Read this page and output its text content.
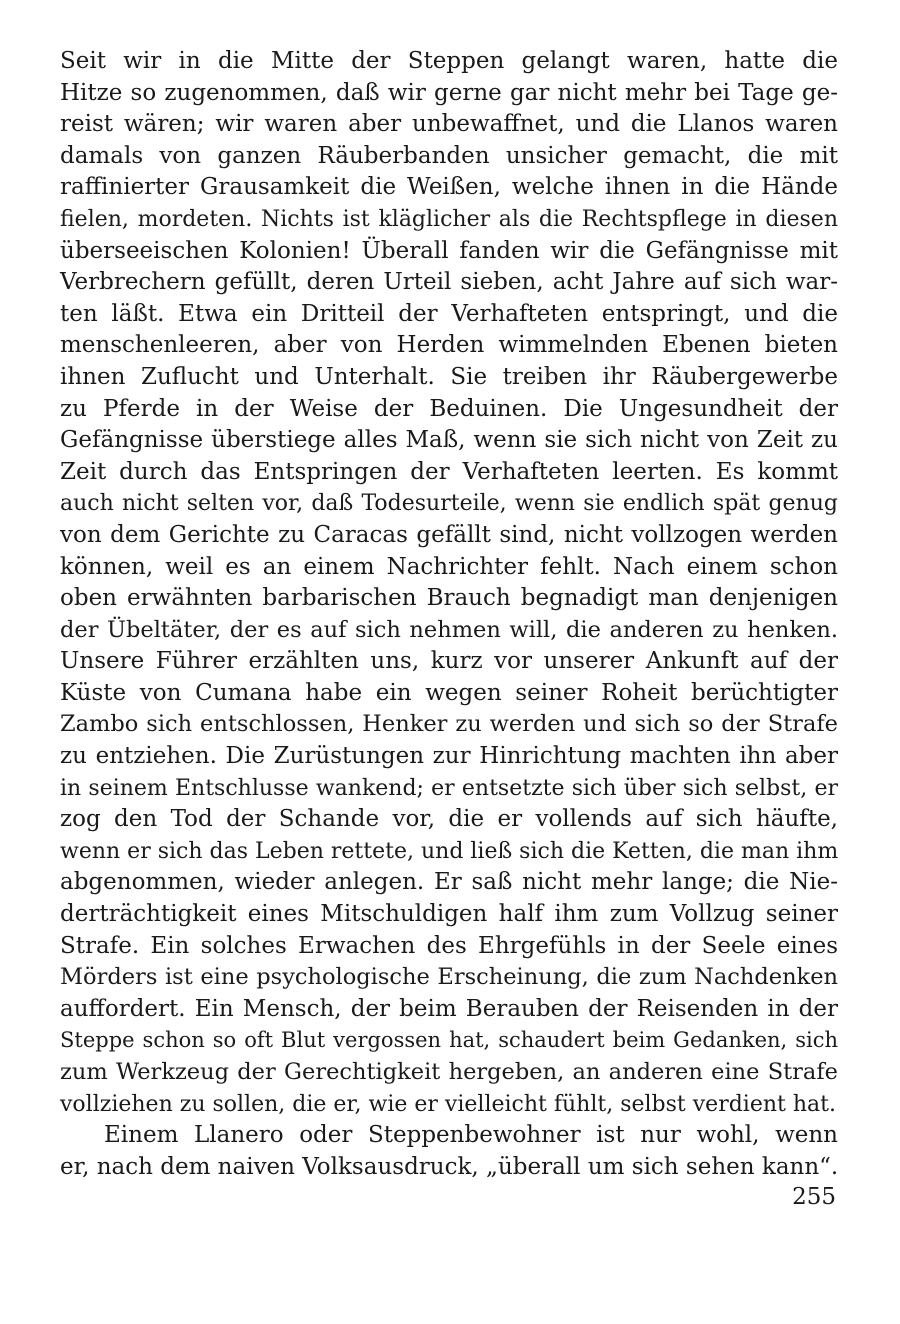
Seit wir in die Mitte der Steppen gelangt waren, hatte die
Hitze so zugenommen, daß wir gerne gar nicht mehr bei Tage ge-
reist wären; wir waren aber unbewaffnet, und die Llanos waren
damals von ganzen Räuberbanden unsicher gemacht, die mit
raffinierter Grausamkeit die Weißen, welche ihnen in die Hände
fielen, mordeten. Nichts ist kläglicher als die Rechtspflege in diesen
überseeischen Kolonien! Überall fanden wir die Gefängnisse mit
Verbrechern gefüllt, deren Urteil sieben, acht Jahre auf sich war-
ten läßt. Etwa ein Dritteil der Verhafteten entspringt, und die
menschenleeren, aber von Herden wimmelnden Ebenen bieten
ihnen Zuflucht und Unterhalt. Sie treiben ihr Räubergewerbe
zu Pferde in der Weise der Beduinen. Die Ungesundheit der
Gefängnisse überstiege alles Maß, wenn sie sich nicht von Zeit zu
Zeit durch das Entspringen der Verhafteten leerten. Es kommt
auch nicht selten vor, daß Todesurteile, wenn sie endlich spät genug
von dem Gerichte zu Caracas gefällt sind, nicht vollzogen werden
können, weil es an einem Nachrichter fehlt. Nach einem schon
oben erwähnten barbarischen Brauch begnadigt man denjenigen
der Übeltäter, der es auf sich nehmen will, die anderen zu henken.
Unsere Führer erzählten uns, kurz vor unserer Ankunft auf der
Küste von Cumana habe ein wegen seiner Roheit berüchtigter
Zambo sich entschlossen, Henker zu werden und sich so der Strafe
zu entziehen. Die Zurüstungen zur Hinrichtung machten ihn aber
in seinem Entschlusse wankend; er entsetzte sich über sich selbst, er
zog den Tod der Schande vor, die er vollends auf sich häufte,
wenn er sich das Leben rettete, und ließ sich die Ketten, die man ihm
abgenommen, wieder anlegen. Er saß nicht mehr lange; die Nie-
derträchtigkeit eines Mitschuldigen half ihm zum Vollzug seiner
Strafe. Ein solches Erwachen des Ehrgefühls in der Seele eines
Mörders ist eine psychologische Erscheinung, die zum Nachdenken
auffordert. Ein Mensch, der beim Berauben der Reisenden in der
Steppe schon so oft Blut vergossen hat, schaudert beim Gedanken, sich
zum Werkzeug der Gerechtigkeit hergeben, an anderen eine Strafe
vollziehen zu sollen, die er, wie er vielleicht fühlt, selbst verdient hat.
Einem Llanero oder Steppenbewohner ist nur wohl, wenn
er, nach dem naiven Volksausdruck, „überall um sich sehen kann“.
255
